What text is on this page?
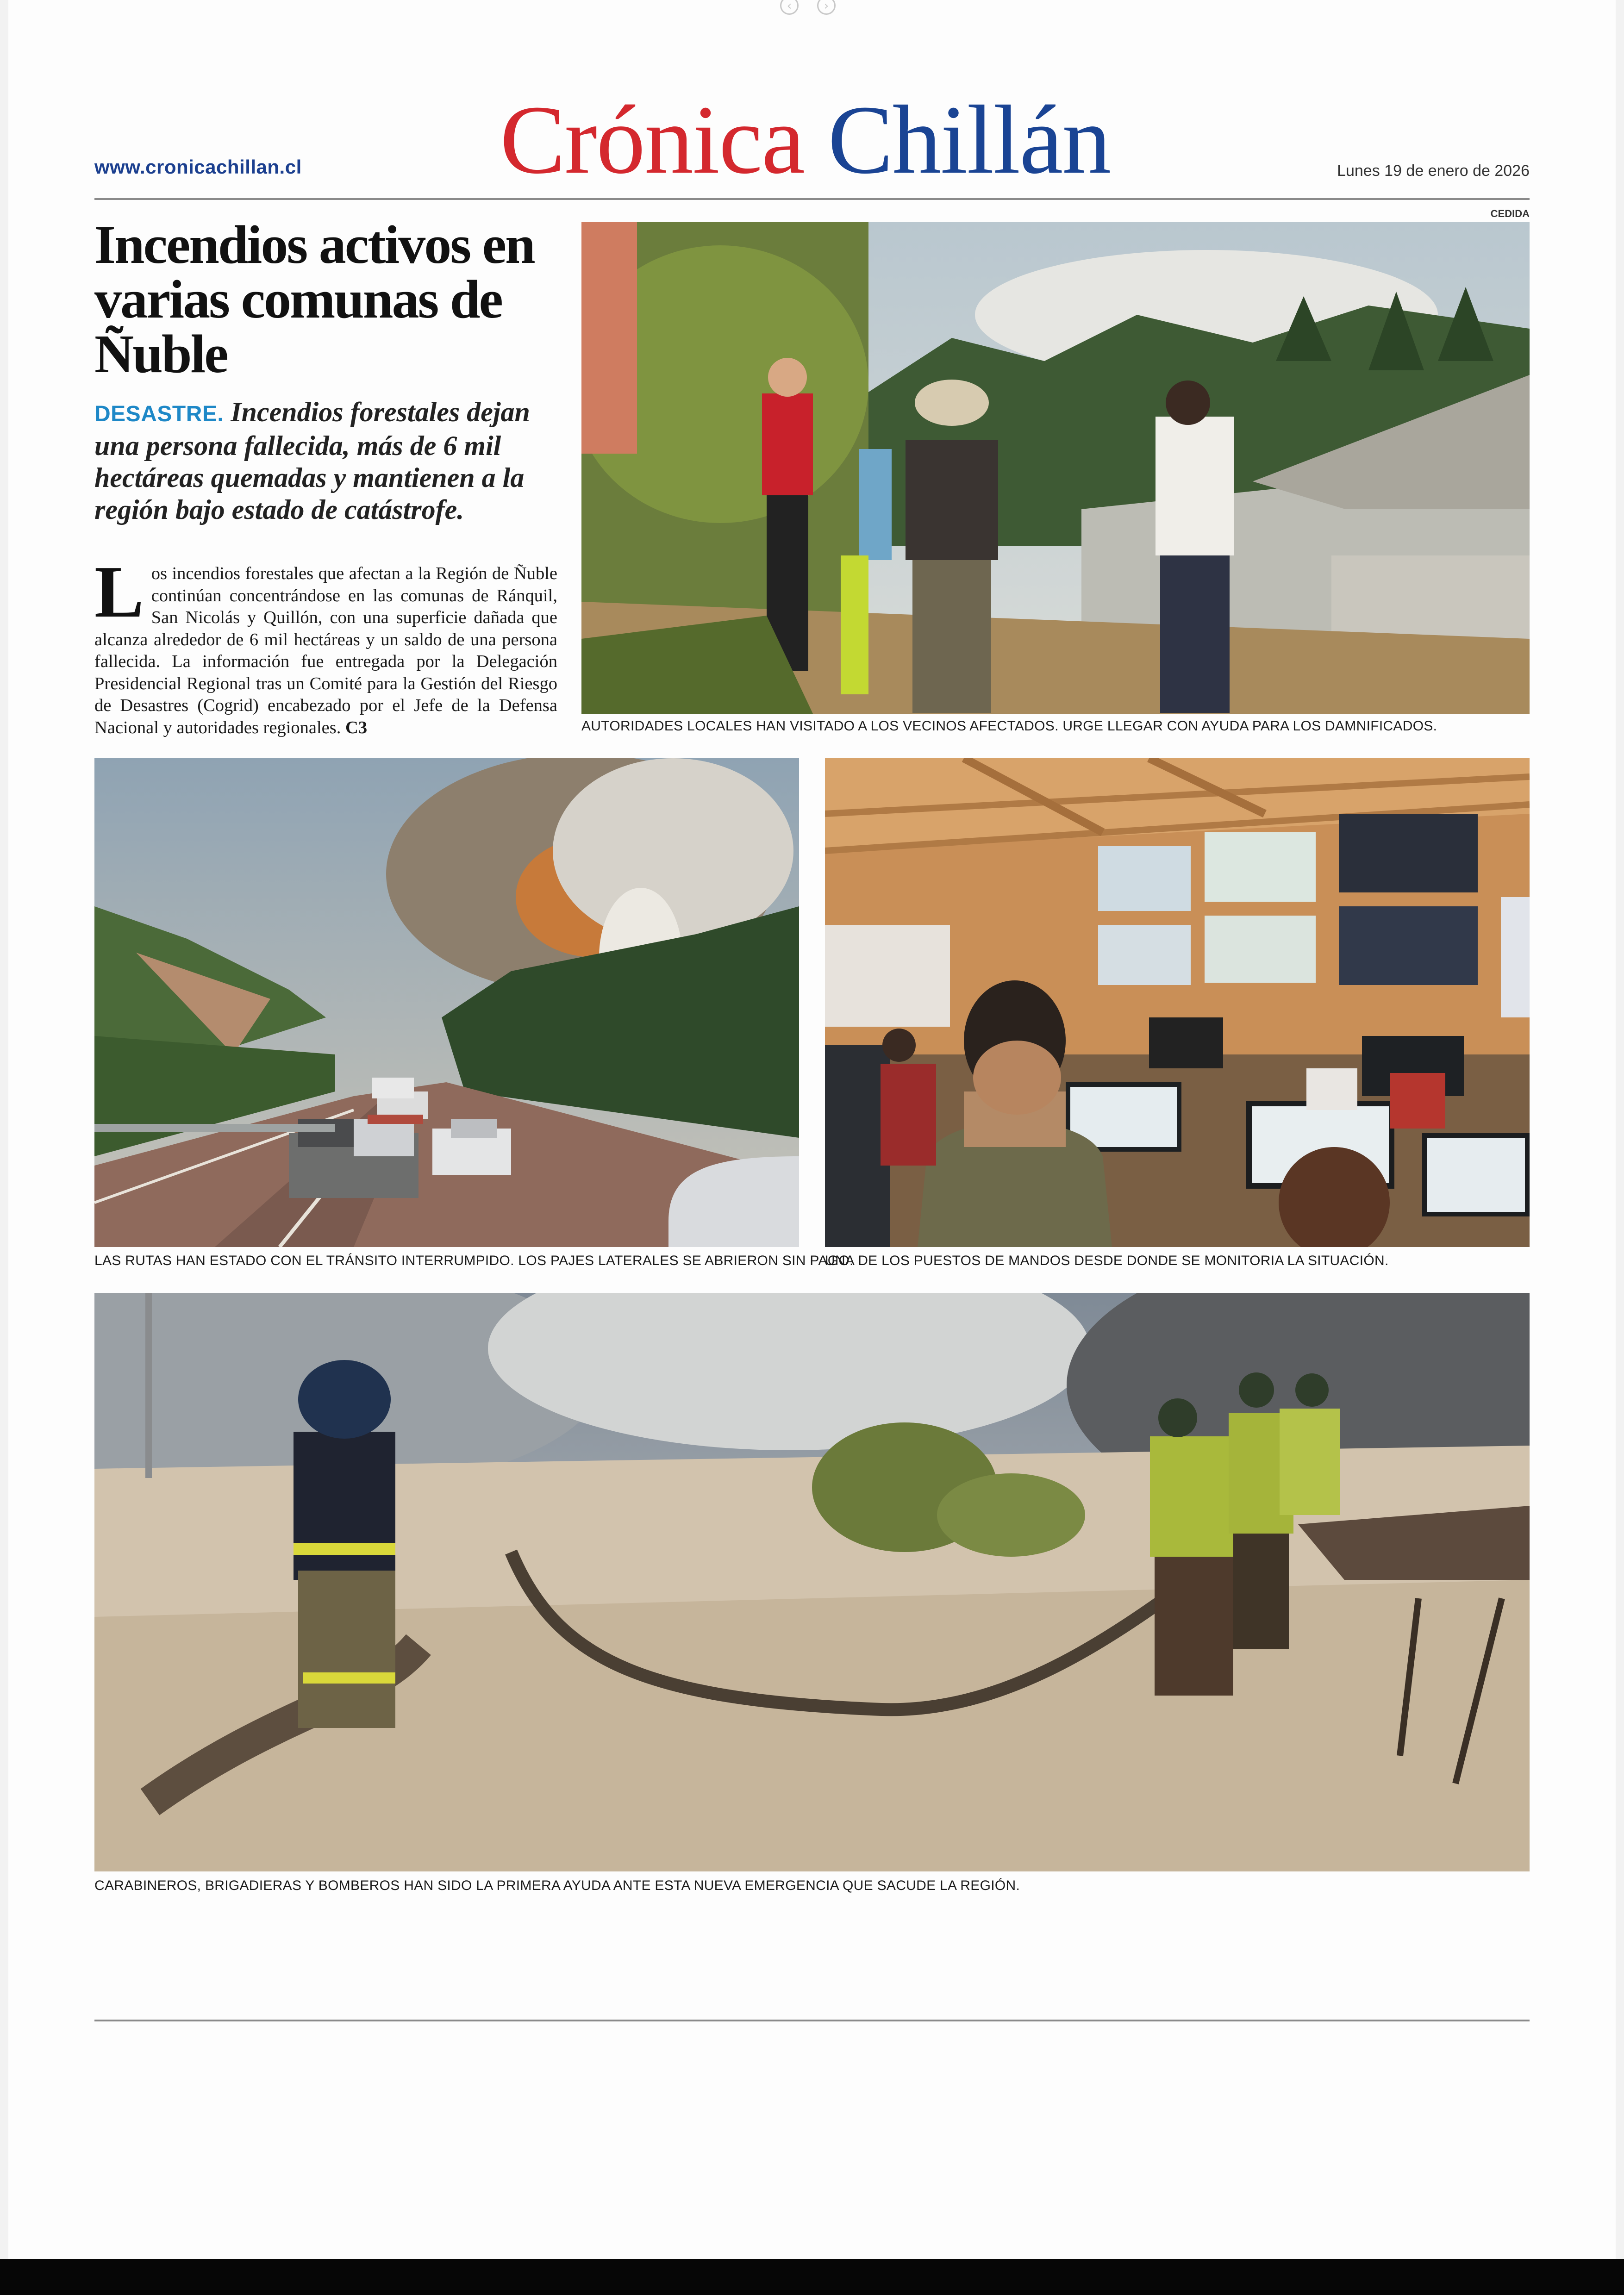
‹	›
www.cronicachillan.cl Crónica Chillán	Lunes 19 de enero de 2026
CEDIDA
Incendios activos en varias comunas de Ñuble
DESASTRE. Incendios forestales dejan una persona fallecida, más de 6 mil hectáreas quemadas y mantienen a la región bajo estado de catástrofe.
Los incendios forestales que afectan a la Región de Ñuble continúan concentrándose en las comunas de Ránquil, San Nicolás y Quillón, con una superficie dañada que alcanza alrededor de 6 mil hectáreas y un saldo de una persona fallecida. La información fue entregada por la Delegación Presidencial Regional tras un Comité para la Gestión del Riesgo de Desastres (Cogrid) encabezado por el Jefe de la Defensa Nacional y autoridades regionales. C3	AUTORIDADES LOCALES HAN VISITADO A LOS VECINOS AFECTADOS. URGE LLEGAR CON AYUDA PARA LOS DAMNIFICADOS.
LAS RUTAS HAN ESTADO CON EL TRÁNSITO INTERRUMPIDO. LOS PAJES LATERALES SE ABRIERON SIN PAGO.
UNA DE LOS PUESTOS DE MANDOS DESDE DONDE SE MONITORIA LA SITUACIÓN.
CARABINEROS, BRIGADIERAS Y BOMBEROS HAN SIDO LA PRIMERA AYUDA ANTE ESTA NUEVA EMERGENCIA QUE SACUDE LA REGIÓN.
